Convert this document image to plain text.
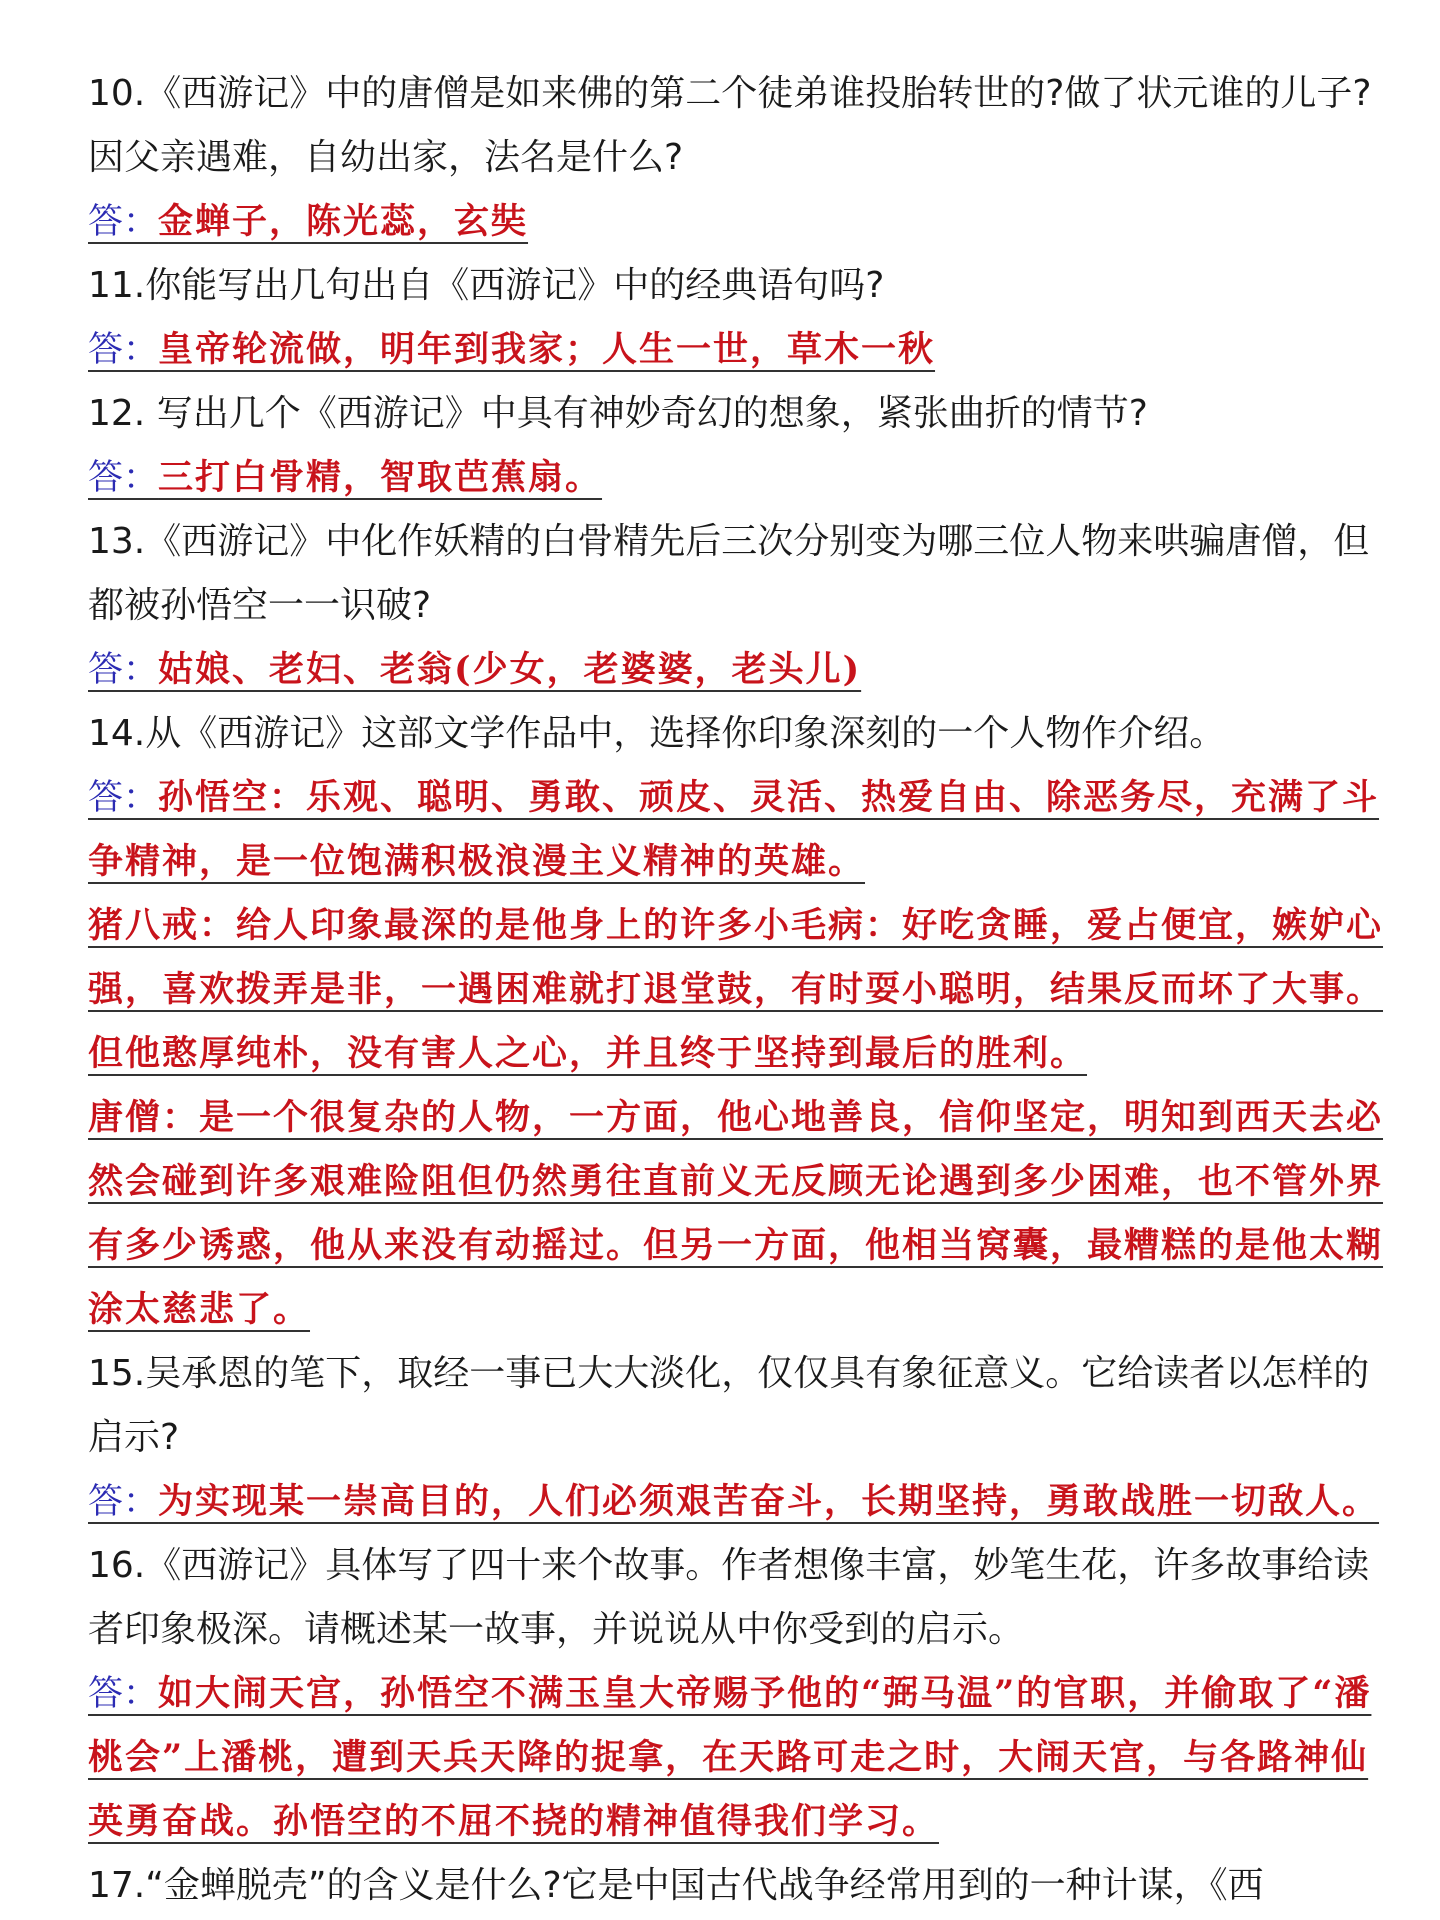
10.《西游记》中的唐僧是如来佛的第二个徒弟谁投胎转世的?做了状元谁的儿子?因父亲遇难，自幼出家，法名是什么?

答：金蝉子，陈光蕊，玄奘

11.你能写出几句出自《西游记》中的经典语句吗?

答：皇帝轮流做，明年到我家；人生一世，草木一秋

12. 写出几个《西游记》中具有神妙奇幻的想象，紧张曲折的情节?

答：三打白骨精，智取芭蕉扇。

13.《西游记》中化作妖精的白骨精先后三次分别变为哪三位人物来哄骗唐僧，但都被孙悟空一一识破?

答：姑娘、老妇、老翁(少女，老婆婆，老头儿)

14.从《西游记》这部文学作品中，选择你印象深刻的一个人物作介绍。

答：孙悟空：乐观、聪明、勇敢、顽皮、灵活、热爱自由、除恶务尽，充满了斗争精神，是一位饱满积极浪漫主义精神的英雄。

猪八戒：给人印象最深的是他身上的许多小毛病：好吃贪睡，爱占便宜，嫉妒心强，喜欢拨弄是非，一遇困难就打退堂鼓，有时耍小聪明，结果反而坏了大事。但他憨厚纯朴，没有害人之心，并且终于坚持到最后的胜利。

唐僧：是一个很复杂的人物，一方面，他心地善良，信仰坚定，明知到西天去必然会碰到许多艰难险阻但仍然勇往直前义无反顾无论遇到多少困难，也不管外界有多少诱惑，他从来没有动摇过。但另一方面，他相当窝囊，最糟糕的是他太糊涂太慈悲了。

15.吴承恩的笔下，取经一事已大大淡化，仅仅具有象征意义。它给读者以怎样的启示?

答：为实现某一崇高目的，人们必须艰苦奋斗，长期坚持，勇敢战胜一切敌人。

16.《西游记》具体写了四十来个故事。作者想像丰富，妙笔生花，许多故事给读者印象极深。请概述某一故事，并说说从中你受到的启示。

答：如大闹天宫，孙悟空不满玉皇大帝赐予他的“弼马温”的官职，并偷取了“潘桃会”上潘桃，遭到天兵天降的捉拿，在天路可走之时，大闹天宫，与各路神仙英勇奋战。孙悟空的不屈不挠的精神值得我们学习。

17.“金蝉脱壳”的含义是什么?它是中国古代战争经常用到的一种计谋，《西
